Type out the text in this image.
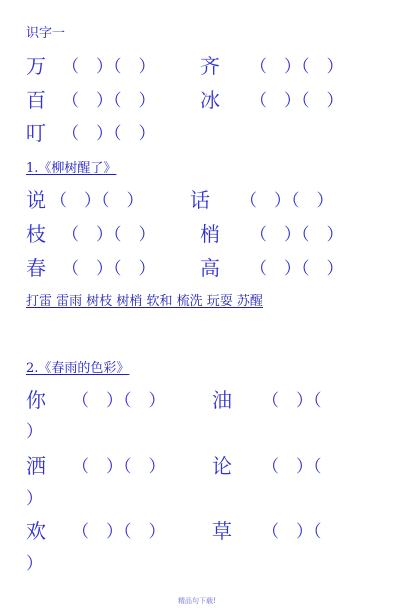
识字一
万 （　）（　） 齐 （　）（　）
百 （　）（　） 冰 （　）（　）
叮 （　）（　）
1.《柳树醒了》
说 （　）（　） 话 （　）（　）
枝 （　）（　） 梢 （　）（　）
春 （　）（　） 高 （　）（　）
打雷 雷雨 树枝 树梢 软和 梳洗 玩耍 苏醒
2.《春雨的色彩》
你 （　）（　） 油 （　）（
）
洒 （　）（　） 论 （　）（
）
欢 （　）（　） 草 （　）（
）
精品句下载!
